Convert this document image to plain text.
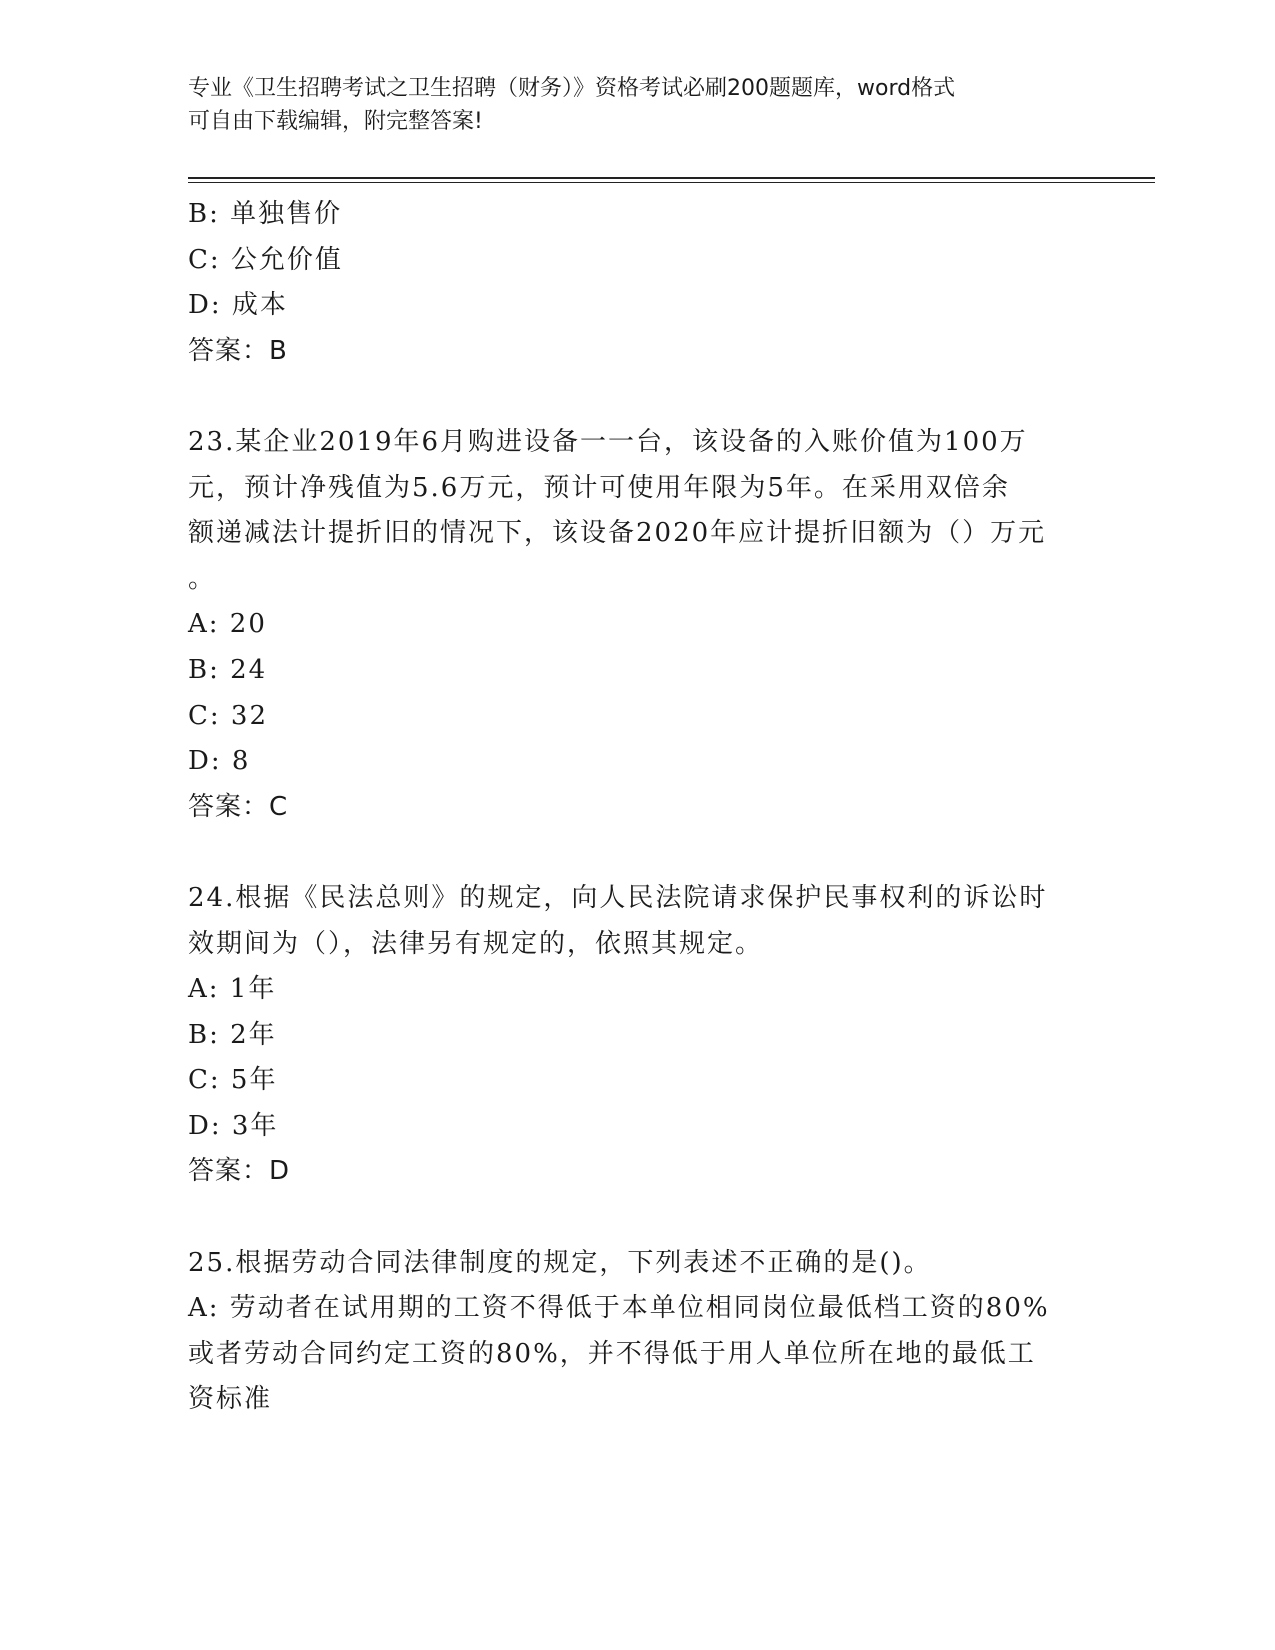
专业《卫生招聘考试之卫生招聘（财务）》资格考试必刷200题题库，word格式
可自由下载编辑，附完整答案!
B: 单独售价
C: 公允价值
D: 成本
答案：B
23.某企业2019年6月购进设备一一台，该设备的入账价值为100万
元，预计净残值为5.6万元，预计可使用年限为5年。在采用双倍余
额递减法计提折旧的情况下，该设备2020年应计提折旧额为（）万元
。
A: 20
B: 24
C: 32
D: 8
答案：C
24.根据《民法总则》的规定，向人民法院请求保护民事权利的诉讼时
效期间为（），法律另有规定的，依照其规定。
A: 1年
B: 2年
C: 5年
D: 3年
答案：D
25.根据劳动合同法律制度的规定，下列表述不正确的是()。
A: 劳动者在试用期的工资不得低于本单位相同岗位最低档工资的80%
或者劳动合同约定工资的80%，并不得低于用人单位所在地的最低工
资标准
